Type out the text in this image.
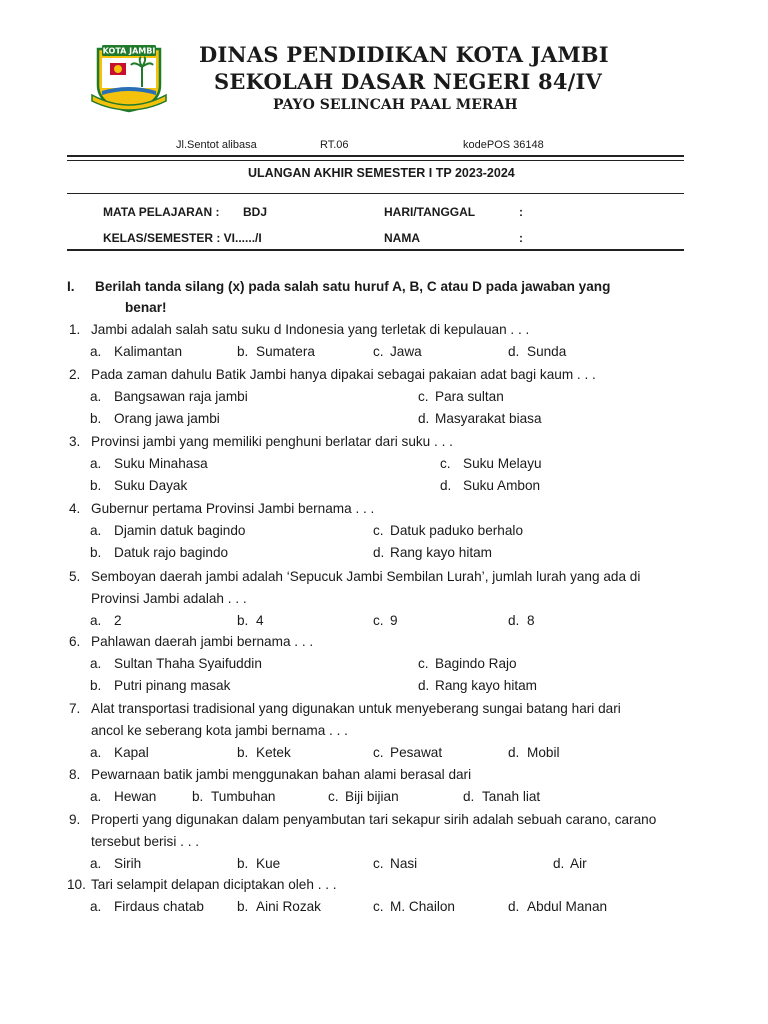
KOTA JAMBI DINAS PENDIDIKAN KOTA JAMBI
SEKOLAH DASAR NEGERI 84/IV
PAYO SELINCAH PAAL MERAH
Jl.Sentot alibasa	RT.06	kodePOS 36148
ULANGAN AKHIR SEMESTER I TP 2023-2024
MATA PELAJARAN : BDJ	HARI/TANGGAL	:
KELAS/SEMESTER : VI....../I	NAMA	:
I. Berilah tanda silang (x) pada salah satu huruf A, B, C atau D pada jawaban yang
benar!
1. Jambi adalah salah satu suku d Indonesia yang terletak di kepulauan . . .
a. Kalimantan	b. Sumatera	c. Jawa	d. Sunda
2. Pada zaman dahulu Batik Jambi hanya dipakai sebagai pakaian adat bagi kaum . . .
a. Bangsawan raja jambi	c. Para sultan
b. Orang jawa jambi	d. Masyarakat biasa
3. Provinsi jambi yang memiliki penghuni berlatar dari suku . . .
a. Suku Minahasa	c. Suku Melayu
b. Suku Dayak	d. Suku Ambon
4. Gubernur pertama Provinsi Jambi bernama . . .
a. Djamin datuk bagindo	c. Datuk paduko berhalo
b. Datuk rajo bagindo	d. Rang kayo hitam
5. Semboyan daerah jambi adalah ‘Sepucuk Jambi Sembilan Lurah’, jumlah lurah yang ada di
Provinsi Jambi adalah . . .
a. 2	b. 4	c. 9	d. 8
6. Pahlawan daerah jambi bernama . . .
a. Sultan Thaha Syaifuddin	c. Bagindo Rajo
b. Putri pinang masak	d. Rang kayo hitam
7. Alat transportasi tradisional yang digunakan untuk menyeberang sungai batang hari dari
ancol ke seberang kota jambi bernama . . .
a. Kapal	b. Ketek	c. Pesawat	d. Mobil
8. Pewarnaan batik jambi menggunakan bahan alami berasal dari
a. Hewan	b. Tumbuhan	c. Biji bijian	d. Tanah liat
9. Properti yang digunakan dalam penyambutan tari sekapur sirih adalah sebuah carano, carano
tersebut berisi . . .
a. Sirih	b. Kue	c. Nasi	d. Air
10. Tari selampit delapan diciptakan oleh . . .
a. Firdaus chatab b. Aini Rozak	c. M. Chailon	d. Abdul Manan
